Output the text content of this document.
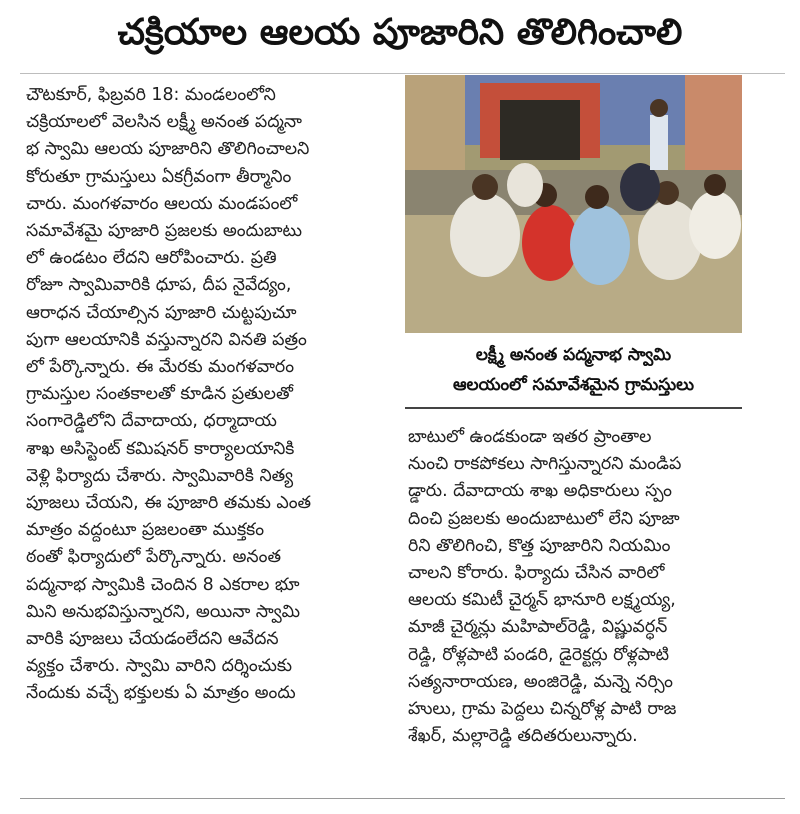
చక్రియాల ఆలయ పూజారిని తొలిగించాలి

చౌటకూర్, ఫిబ్రవరి 18: మండలంలోని

చక్రియాలలో వెలసిన లక్ష్మీ అనంత పద్మనా

భ స్వామి ఆలయ పూజారిని తొలిగించాలని

కోరుతూ గ్రామస్తులు ఏకగ్రీవంగా తీర్మానిం

చారు. మంగళవారం ఆలయ మండపంలో

సమావేశమై పూజారి ప్రజలకు అందుబాటు

లో ఉండటం లేదని ఆరోపించారు. ప్రతి

రోజూ స్వామివారికి ధూప, దీప నైవేద్యం,

ఆరాధన చేయాల్సిన పూజారి చుట్టపుచూ

పుగా ఆలయానికి వస్తున్నారని వినతి పత్రం

లో పేర్కొన్నారు. ఈ మేరకు మంగళవారం

గ్రామస్తుల సంతకాలతో కూడిన ప్రతులతో

సంగారెడ్డిలోని దేవాదాయ, ధర్మాదాయ

శాఖ అసిస్టెంట్ కమిషనర్ కార్యాలయానికి

వెళ్లి ఫిర్యాదు చేశారు. స్వామివారికి నిత్య

పూజలు చేయని, ఈ పూజారి తమకు ఎంత

మాత్రం వద్దంటూ ప్రజలంతా ముక్తకం

ఠంతో ఫిర్యాదులో పేర్కొన్నారు. అనంత

పద్మనాభ స్వామికి చెందిన 8 ఎకరాల భూ

మిని అనుభవిస్తున్నారని, అయినా స్వామి

వారికి పూజలు చేయడంలేదని ఆవేదన

వ్యక్తం చేశారు. స్వామి వారిని దర్శించుకు

నేందుకు వచ్చే భక్తులకు ఏ మాత్రం అందు

లక్ష్మీ అనంత పద్మనాభ స్వామి
ఆలయంలో సమావేశమైన గ్రామస్తులు

బాటులో ఉండకుండా ఇతర ప్రాంతాల

నుంచి రాకపోకలు సాగిస్తున్నారని మండిప

డ్డారు. దేవాదాయ శాఖ అధికారులు స్పం

దించి ప్రజలకు అందుబాటులో లేని పూజా

రిని తొలిగించి, కొత్త పూజారిని నియమిం

చాలని కోరారు. ఫిర్యాదు చేసిన వారిలో

ఆలయ కమిటీ చైర్మన్ భానూరి లక్ష్మయ్య,

మాజీ చైర్మన్లు మహిపాల్‌రెడ్డి, విష్ణువర్ధన్

రెడ్డి, రోళ్లపాటి పండరి, డైరెక్టర్లు రోళ్లపాటి

సత్యనారాయణ, అంజిరెడ్డి, మన్నె నర్సిం

హులు, గ్రామ పెద్దలు చిన్నరోళ్ల పాటి రాజ

శేఖర్, మల్లారెడ్డి తదితరులున్నారు.
